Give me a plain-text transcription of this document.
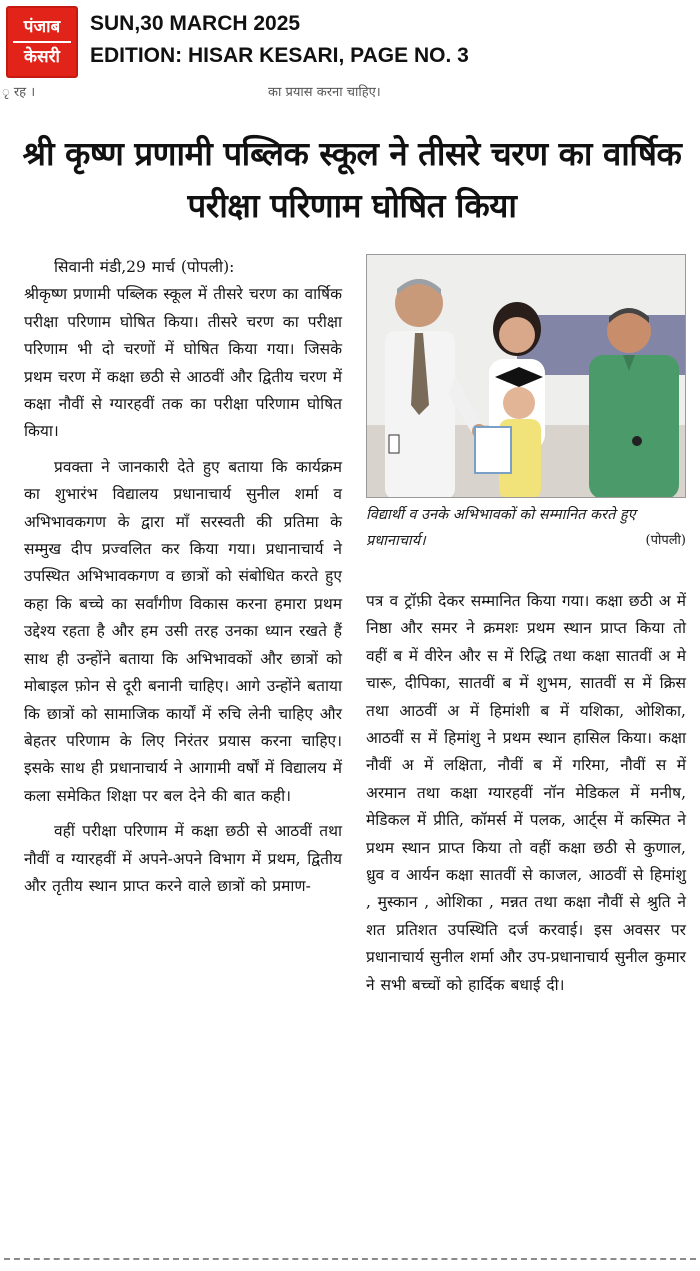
पंजाब
केसरी
SUN,30 MARCH 2025
EDITION: HISAR KESARI, PAGE NO. 3
ृ रह ।	का प्रयास करना चाहिए।
श्री कृष्ण प्रणामी पब्लिक स्कूल ने तीसरे चरण का वार्षिक परीक्षा परिणाम घोषित किया

सिवानी मंडी,29 मार्च (पोपली):

श्रीकृष्ण प्रणामी पब्लिक स्कूल में तीसरे चरण का वार्षिक परीक्षा परिणाम घोषित किया। तीसरे चरण का परीक्षा परिणाम भी दो चरणों में घोषित किया गया। जिसके प्रथम चरण में कक्षा छठी से आठवीं और द्वितीय चरण में कक्षा नौवीं से ग्यारहवीं तक का परीक्षा परिणाम घोषित किया।

प्रवक्ता ने जानकारी देते हुए बताया कि कार्यक्रम का शुभारंभ विद्यालय प्रधानाचार्य सुनील शर्मा व अभिभावकगण के द्वारा माँ सरस्वती की प्रतिमा के सम्मुख दीप प्रज्वलित कर किया गया। प्रधानाचार्य ने उपस्थित अभिभावकगण व छात्रों को संबोधित करते हुए कहा कि बच्चे का सर्वांगीण विकास करना हमारा प्रथम उद्देश्य रहता है और हम उसी तरह उनका ध्यान रखते हैं साथ ही उन्होंने बताया कि अभिभावकों और छात्रों को मोबाइल फ़ोन से दूरी बनानी चाहिए। आगे उन्होंने बताया कि छात्रों को सामाजिक कार्यों में रुचि लेनी चाहिए और बेहतर परिणाम के लिए निरंतर प्रयास करना चाहिए। इसके साथ ही प्रधानाचार्य ने आगामी वर्षों में विद्यालय में कला समेकित शिक्षा पर बल देने की बात कही।

वहीं परीक्षा परिणाम में कक्षा छठी से आठवीं तथा नौवीं व ग्यारहवीं में अपने-अपने विभाग में प्रथम, द्वितीय और तृतीय स्थान प्राप्त करने वाले छात्रों को प्रमाण-

विद्यार्थी व उनके अभिभावकों को सम्मानित करते हुए प्रधानाचार्य।	(पोपली)

पत्र व ट्रॉफ़ी देकर सम्मानित किया गया। कक्षा छठी अ में निष्ठा और समर ने क्रमशः प्रथम स्थान प्राप्त किया तो वहीं ब में वीरेन और स में रिद्धि तथा कक्षा सातवीं अ मे चारू, दीपिका, सातवीं ब में शुभम, सातवीं स में क्रिस तथा आठवीं अ में हिमांशी ब में यशिका, ओशिका, आठवीं स में हिमांशु ने प्रथम स्थान हासिल किया। कक्षा नौवीं अ में लक्षिता, नौवीं ब में गरिमा, नौवीं स में अरमान तथा कक्षा ग्यारहवीं नॉन मेडिकल में मनीष, मेडिकल में प्रीति, कॉमर्स में पलक, आर्ट्स में कस्मित ने प्रथम स्थान प्राप्त किया तो वहीं कक्षा छठी से कुणाल, ध्रुव व आर्यन कक्षा सातवीं से काजल, आठवीं से हिमांशु , मुस्कान , ओशिका , मन्नत तथा कक्षा नौवीं से श्रुति ने शत प्रतिशत उपस्थिति दर्ज करवाई। इस अवसर पर प्रधानाचार्य सुनील शर्मा और उप-प्रधानाचार्य सुनील कुमार ने सभी बच्चों को हार्दिक बधाई दी।
